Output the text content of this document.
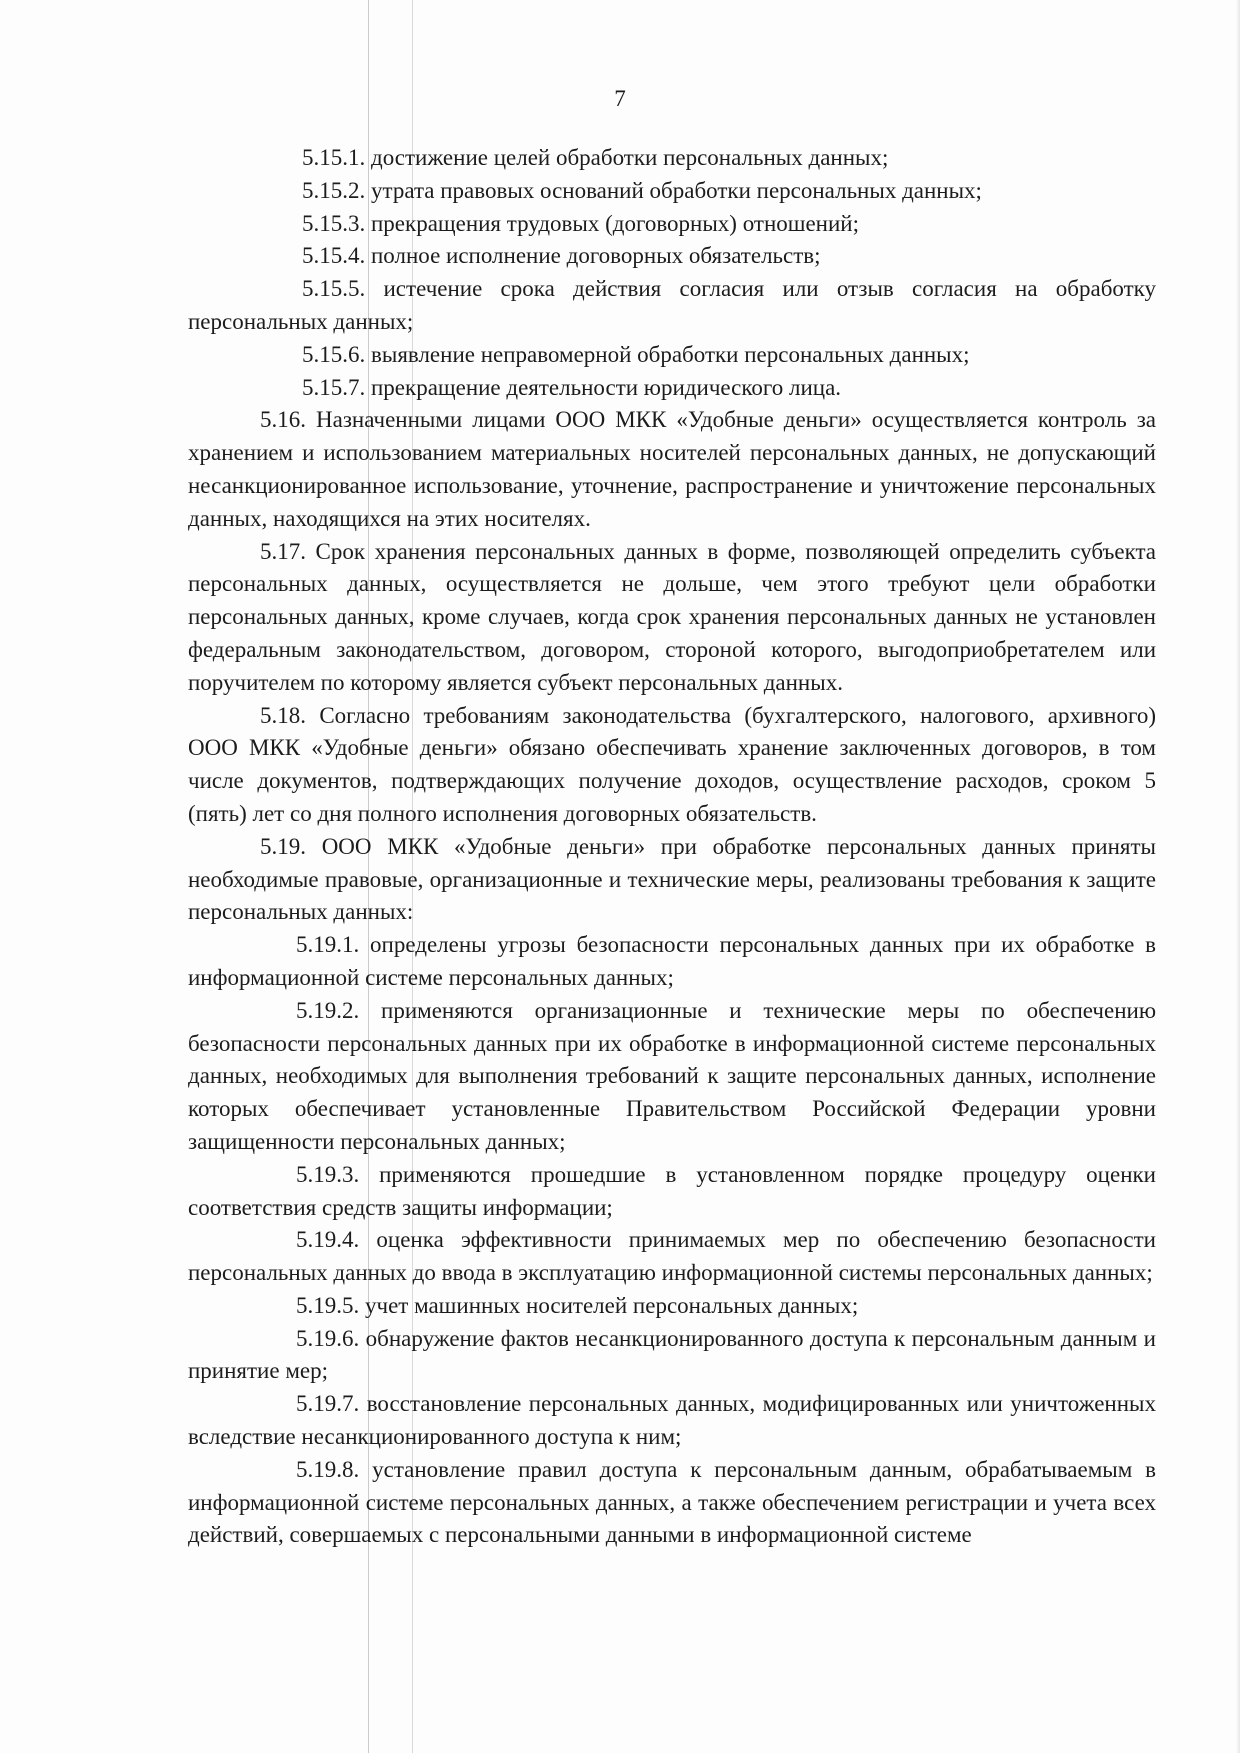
7

5.15.1. достижение целей обработки персональных данных;

5.15.2. утрата правовых оснований обработки персональных данных;

5.15.3. прекращения трудовых (договорных) отношений;

5.15.4. полное исполнение договорных обязательств;

5.15.5. истечение срока действия согласия или отзыв согласия на обработку персональных данных;

5.15.6. выявление неправомерной обработки персональных данных;

5.15.7. прекращение деятельности юридического лица.

5.16. Назначенными лицами ООО МКК «Удобные деньги» осуществляется контроль за хранением и использованием материальных носителей персональных данных, не допускающий несанкционированное использование, уточнение, распространение и уничтожение персональных данных, находящихся на этих носителях.

5.17. Срок хранения персональных данных в форме, позволяющей определить субъекта персональных данных, осуществляется не дольше, чем этого требуют цели обработки персональных данных, кроме случаев, когда срок хранения персональных данных не установлен федеральным законодательством, договором, стороной которого, выгодоприобретателем или поручителем по которому является субъект персональных данных.

5.18. Согласно требованиям законодательства (бухгалтерского, налогового, архивного) ООО МКК «Удобные деньги» обязано обеспечивать хранение заключенных договоров, в том числе документов, подтверждающих получение доходов, осуществление расходов, сроком 5 (пять) лет со дня полного исполнения договорных обязательств.

5.19. ООО МКК «Удобные деньги» при обработке персональных данных приняты необходимые правовые, организационные и технические меры, реализованы требования к защите персональных данных:

5.19.1. определены угрозы безопасности персональных данных при их обработке в информационной системе персональных данных;

5.19.2. применяются организационные и технические меры по обеспечению безопасности персональных данных при их обработке в информационной системе персональных данных, необходимых для выполнения требований к защите персональных данных, исполнение которых обеспечивает установленные Правительством Российской Федерации уровни защищенности персональных данных;

5.19.3. применяются прошедшие в установленном порядке процедуру оценки соответствия средств защиты информации;

5.19.4. оценка эффективности принимаемых мер по обеспечению безопасности персональных данных до ввода в эксплуатацию информационной системы персональных данных;

5.19.5. учет машинных носителей персональных данных;

5.19.6. обнаружение фактов несанкционированного доступа к персональным данным и принятие мер;

5.19.7. восстановление персональных данных, модифицированных или уничтоженных вследствие несанкционированного доступа к ним;

5.19.8. установление правил доступа к персональным данным, обрабатываемым в информационной системе персональных данных, а также обеспечением регистрации и учета всех действий, совершаемых с персональными данными в информационной системе
